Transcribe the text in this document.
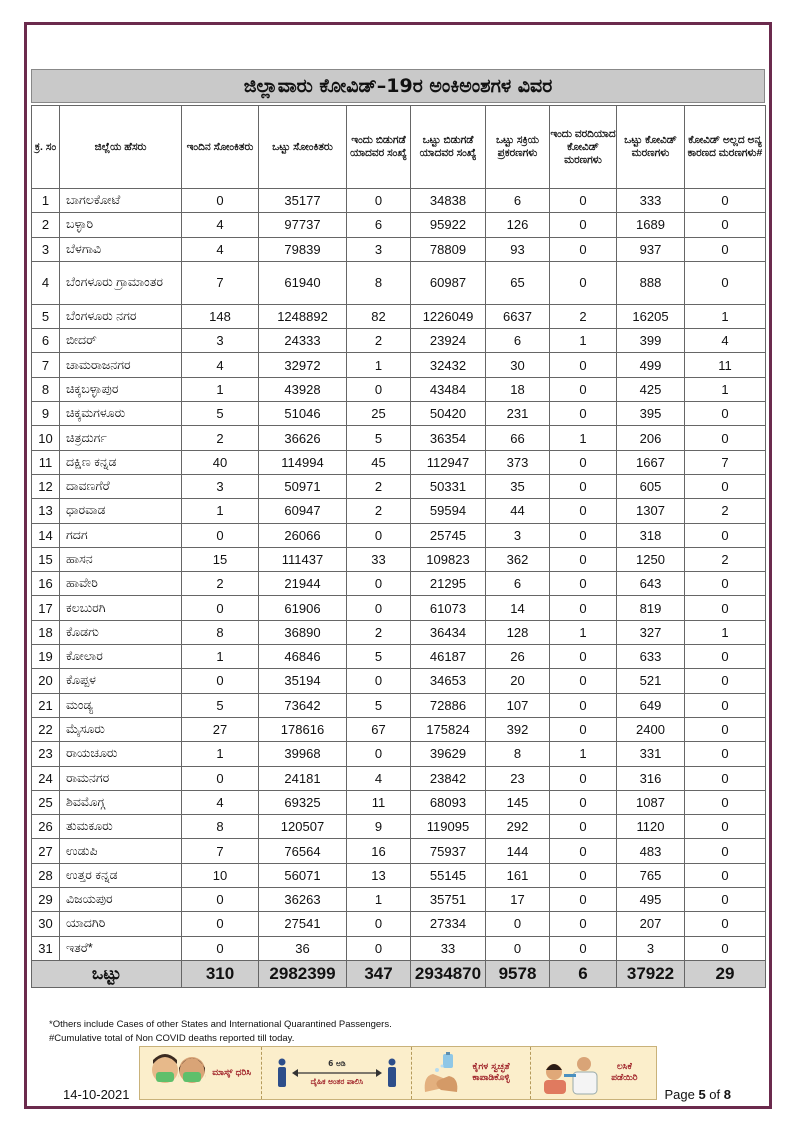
ಜಿಲ್ಲಾವಾರು ಕೋವಿಡ್–19ರ ಅಂಕಿಅಂಶಗಳ ವಿವರ
ಕ್ರ. ಸಂ	ಜಿಲ್ಲೆಯ ಹೆಸರು	ಇಂದಿನ ಸೋಂಕಿತರು	ಒಟ್ಟು ಸೋಂಕಿತರು	ಇಂದು ಬಿಡುಗಡೆ ಯಾದವರ ಸಂಖ್ಯೆ	ಒಟ್ಟು ಬಿಡುಗಡೆ ಯಾದವರ ಸಂಖ್ಯೆ	ಒಟ್ಟು ಸಕ್ರಿಯ ಪ್ರಕರಣಗಳು	ಇಂದು ವರದಿಯಾದ ಕೋವಿಡ್ ಮರಣಗಳು	ಒಟ್ಟು ಕೋವಿಡ್ ಮರಣಗಳು	ಕೋವಿಡ್ ಅಲ್ಲದ ಅನ್ಯ ಕಾರಣದ ಮರಣಗಳು#
1	ಬಾಗಲಕೋಟೆ	0	35177	0	34838	6	0	333	0
2	ಬಳ್ಳಾರಿ	4	97737	6	95922	126	0	1689	0
3	ಬೆಳಗಾವಿ	4	79839	3	78809	93	0	937	0
4	ಬೆಂಗಳೂರು ಗ್ರಾಮಾಂತರ	7	61940	8	60987	65	0	888	0
5	ಬೆಂಗಳೂರು ನಗರ	148	1248892	82	1226049	6637	2	16205	1
6	ಬೀದರ್	3	24333	2	23924	6	1	399	4
7	ಚಾಮರಾಜನಗರ	4	32972	1	32432	30	0	499	11
8	ಚಿಕ್ಕಬಳ್ಳಾಪುರ	1	43928	0	43484	18	0	425	1
9	ಚಿಕ್ಕಮಗಳೂರು	5	51046	25	50420	231	0	395	0
10	ಚಿತ್ರದುರ್ಗ	2	36626	5	36354	66	1	206	0
11	ದಕ್ಷಿಣ ಕನ್ನಡ	40	114994	45	112947	373	0	1667	7
12	ದಾವಣಗೆರೆ	3	50971	2	50331	35	0	605	0
13	ಧಾರವಾಡ	1	60947	2	59594	44	0	1307	2
14	ಗದಗ	0	26066	0	25745	3	0	318	0
15	ಹಾಸನ	15	111437	33	109823	362	0	1250	2
16	ಹಾವೇರಿ	2	21944	0	21295	6	0	643	0
17	ಕಲಬುರಗಿ	0	61906	0	61073	14	0	819	0
18	ಕೊಡಗು	8	36890	2	36434	128	1	327	1
19	ಕೋಲಾರ	1	46846	5	46187	26	0	633	0
20	ಕೊಪ್ಪಳ	0	35194	0	34653	20	0	521	0
21	ಮಂಡ್ಯ	5	73642	5	72886	107	0	649	0
22	ಮೈಸೂರು	27	178616	67	175824	392	0	2400	0
23	ರಾಯಚೂರು	1	39968	0	39629	8	1	331	0
24	ರಾಮನಗರ	0	24181	4	23842	23	0	316	0
25	ಶಿವಮೊಗ್ಗ	4	69325	11	68093	145	0	1087	0
26	ತುಮಕೂರು	8	120507	9	119095	292	0	1120	0
27	ಉಡುಪಿ	7	76564	16	75937	144	0	483	0
28	ಉತ್ತರ ಕನ್ನಡ	10	56071	13	55145	161	0	765	0
29	ವಿಜಯಪುರ	0	36263	1	35751	17	0	495	0
30	ಯಾದಗಿರಿ	0	27541	0	27334	0	0	207	0
31	ಇತರೆ*	0	36	0	33	0	0	3	0
ಒಟ್ಟು		310	2982399	347	2934870	9578	6	37922	29
*Others include Cases of other States and International Quarantined Passengers.
#Cumulative total of Non COVID deaths reported till today.
ಮಾಸ್ಕ್ ಧರಿಸಿ
6 ಅಡಿ
ದೈಹಿಕ ಅಂತರ ಪಾಲಿಸಿ
ಕೈಗಳ ಸ್ವಚ್ಛತೆ ಕಾಪಾಡಿಕೊಳ್ಳಿ
ಲಸಿಕೆ ಪಡೆಯಿರಿ
14-10-2021	Page 5 of 8
